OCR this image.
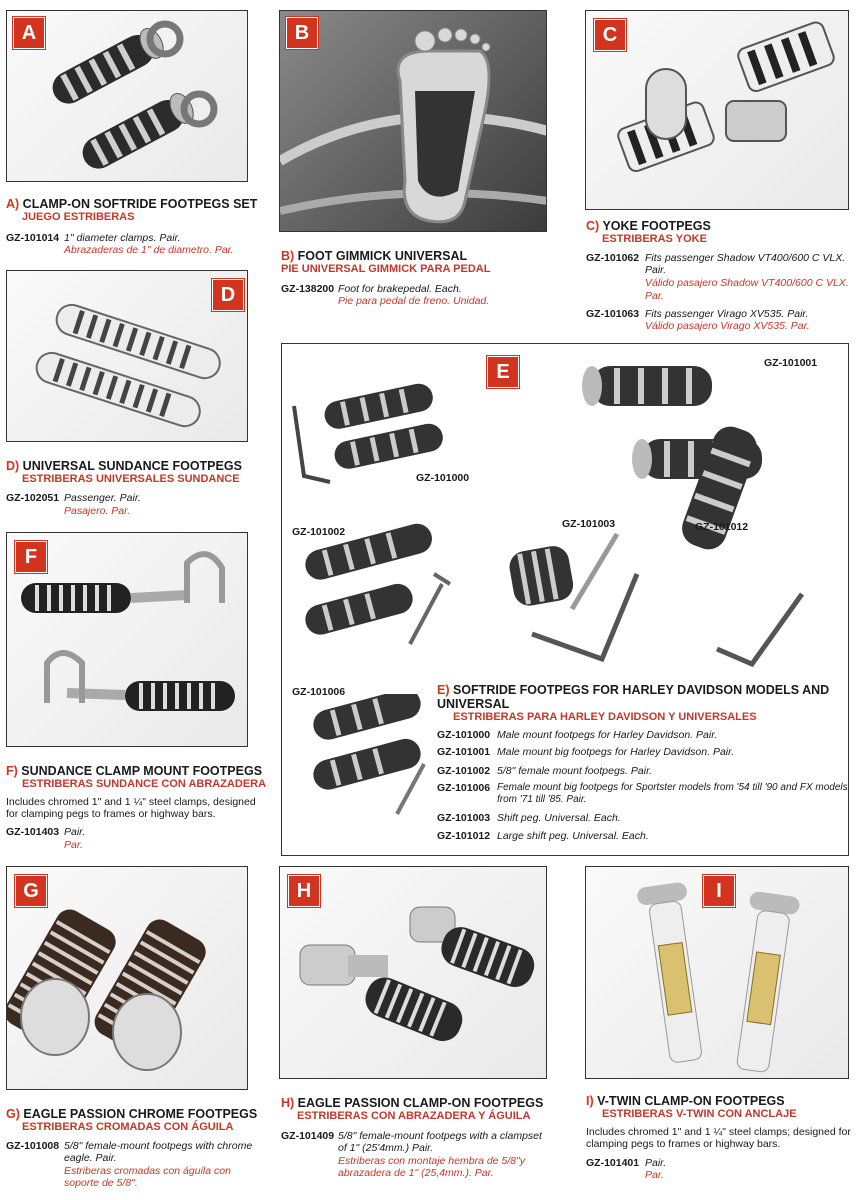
A
A) CLAMP-ON SOFTRIDE FOOTPEGS SET
JUEGO ESTRIBERAS
GZ-101014 1" diameter clamps. Pair.
Abrazaderas de 1" de diametro. Par.
B
B) FOOT GIMMICK UNIVERSAL
PIE UNIVERSAL GIMMICK PARA PEDAL
GZ-138200 Foot for brakepedal. Each.
Pie para pedal de freno. Unidad.
C
C) YOKE FOOTPEGS
ESTRIBERAS YOKE
GZ-101062 Fits passenger Shadow VT400/600 C VLX.
Pair.
Válido pasajero Shadow VT400/600 C VLX.
Par.
GZ-101063 Fits passenger Virago XV535. Pair.
Válido pasajero Virago XV535. Par.
D
D) UNIVERSAL SUNDANCE FOOTPEGS
ESTRIBERAS UNIVERSALES SUNDANCE
GZ-102051 Passenger. Pair.
Pasajero. Par.
E	GZ-101001
GZ-101000
GZ-101002
GZ-101003	GZ-101012
GZ-101006	E) SOFTRIDE FOOTPEGS FOR HARLEY DAVIDSON MODELS AND
UNIVERSAL
ESTRIBERAS PARA HARLEY DAVIDSON Y UNIVERSALES
GZ-101000 Male mount footpegs for Harley Davidson. Pair.
GZ-101001 Male mount big footpegs for Harley Davidson. Pair.
GZ-101002 5/8" female mount footpegs. Pair.
GZ-101006 Female mount big footpegs for Sportster models from '54 till '90 and FX models
from '71 till '85. Pair.
GZ-101003 Shift peg. Universal. Each.
GZ-101012 Large shift peg. Universal. Each.
F
F) SUNDANCE CLAMP MOUNT FOOTPEGS
ESTRIBERAS SUNDANCE CON ABRAZADERA
Includes chromed 1" and 1 ¼" steel clamps, designed
for clamping pegs to frames or highway bars.
GZ-101403 Pair.
Par.
G
G) EAGLE PASSION CHROME FOOTPEGS
ESTRIBERAS CROMADAS CON ÁGUILA
GZ-101008 5/8" female-mount footpegs with chrome
eagle. Pair.
Estriberas cromadas con águila con
soporte de 5/8".
H
H) EAGLE PASSION CLAMP-ON FOOTPEGS
ESTRIBERAS CON ABRAZADERA Y ÁGUILA
GZ-101409 5/8" female-mount footpegs with a clampset
of 1" (25'4mm.) Pair.
Estriberas con montaje hembra de 5/8"y
abrazadera de 1" (25,4mm.). Par.
I
I) V-TWIN CLAMP-ON FOOTPEGS
ESTRIBERAS V-TWIN CON ANCLAJE
Includes chromed 1" and 1 ¼" steel clamps; designed for
clamping pegs to frames or highway bars.
GZ-101401 Pair.
Par.
